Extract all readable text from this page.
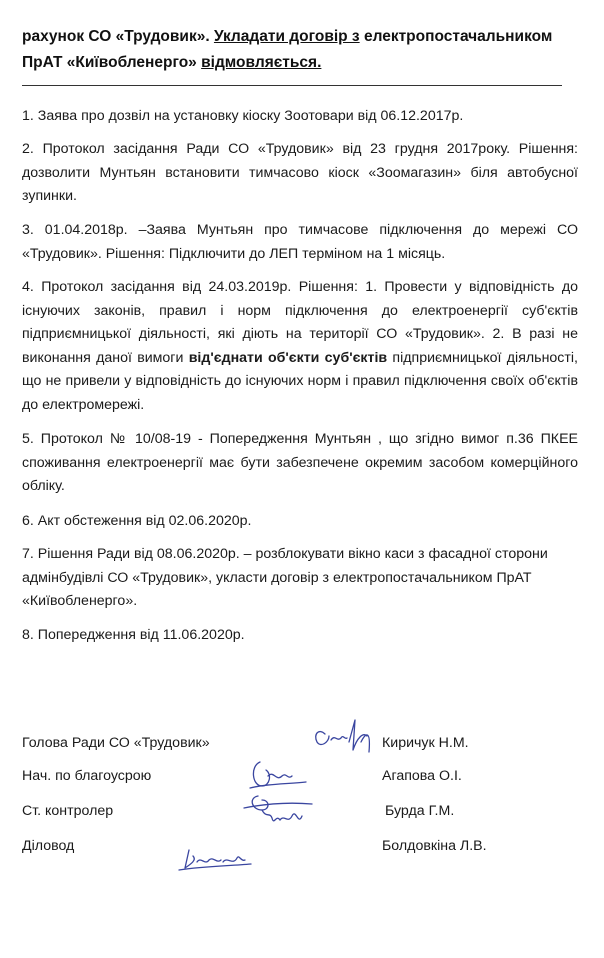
рахунок СО «Трудовик». Укладати договір з електропостачальником
ПрАТ «Київобленерго» відмовляється.
1. Заява про дозвіл на установку кіоску Зоотовари від 06.12.2017р.
2. Протокол засідання Ради СО «Трудовик» від 23 грудня 2017року. Рішення: дозволити Мунтьян встановити тимчасово кіоск «Зоомагазин» біля автобусної зупинки.
3. 01.04.2018р. –Заява Мунтьян про тимчасове підключення до мережі СО «Трудовик». Рішення: Підключити до ЛЕП терміном на 1 місяць.
4. Протокол засідання від 24.03.2019р. Рішення: 1. Провести у відповідність до існуючих законів, правил і норм підключення до електроенергії суб'єктів підприємницької діяльності, які діють на території СО «Трудовик». 2. В разі не виконання даної вимоги від'єднати об'єкти суб'єктів підприємницької діяльності, що не привели у відповідність до існуючих норм і правил підключення своїх об'єктів до електромережі.
5. Протокол № 10/08-19 - Попередження Мунтьян , що згідно вимог п.36 ПКЕЕ споживання електроенергії має бути забезпечене окремим засобом комерційного обліку.
6. Акт обстеження від 02.06.2020р.
7. Рішення Ради від 08.06.2020р. – розблокувати вікно каси з фасадної сторони адмінбудівлі СО «Трудовик», укласти договір з електропостачальником ПрАТ «Київобленерго».
8. Попередження від 11.06.2020р.
Голова Ради СО «Трудовик»	Киричук Н.М.
Нач. по благоусрою	Агапова О.І.
Ст. контролер	Бурда Г.М.
Діловод	Болдовкіна Л.В.
